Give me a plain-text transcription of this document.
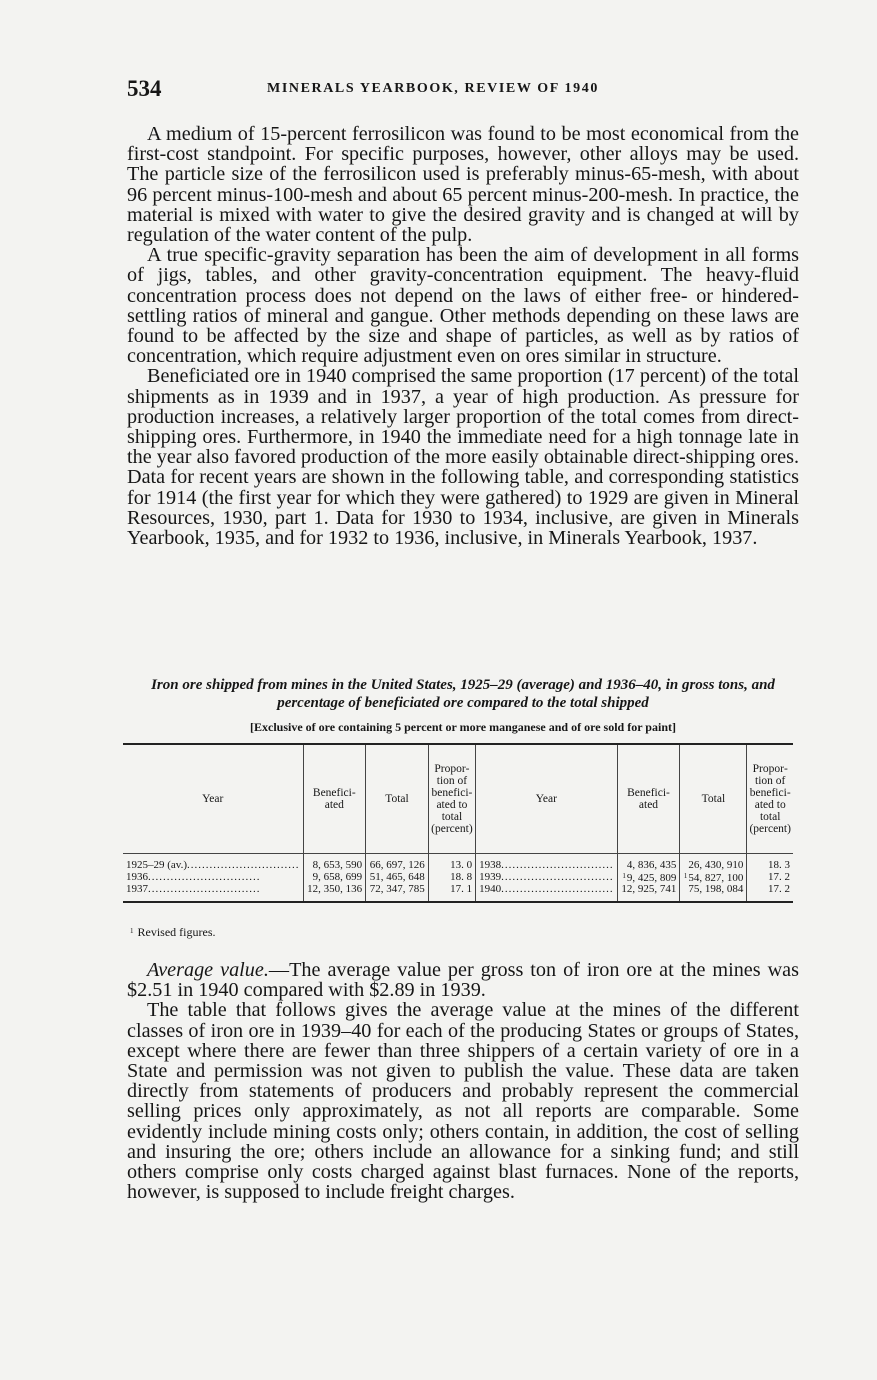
534	MINERALS YEARBOOK, REVIEW OF 1940

A medium of 15-percent ferrosilicon was found to be most economical from the first-cost standpoint. For specific purposes, however, other alloys may be used. The particle size of the ferrosilicon used is preferably minus-65-mesh, with about 96 percent minus-100-mesh and about 65 percent minus-200-mesh. In practice, the material is mixed with water to give the desired gravity and is changed at will by regulation of the water content of the pulp.

A true specific-gravity separation has been the aim of development in all forms of jigs, tables, and other gravity-concentration equipment. The heavy-fluid concentration process does not depend on the laws of either free- or hindered-settling ratios of mineral and gangue. Other methods depending on these laws are found to be affected by the size and shape of particles, as well as by ratios of concentration, which require adjustment even on ores similar in structure.

Beneficiated ore in 1940 comprised the same proportion (17 percent) of the total shipments as in 1939 and in 1937, a year of high production. As pressure for production increases, a relatively larger proportion of the total comes from direct-shipping ores. Furthermore, in 1940 the immediate need for a high tonnage late in the year also favored production of the more easily obtainable direct-shipping ores. Data for recent years are shown in the following table, and corresponding statistics for 1914 (the first year for which they were gathered) to 1929 are given in Mineral Resources, 1930, part 1. Data for 1930 to 1934, inclusive, are given in Minerals Yearbook, 1935, and for 1932 to 1936, inclusive, in Minerals Yearbook, 1937.

Iron ore shipped from mines in the United States, 1925–29 (average) and 1936–40, in gross tons, and percentage of beneficiated ore compared to the total shipped
[Exclusive of ore containing 5 percent or more manganese and of ore sold for paint]
Year	Beneficiated	Total	Proportion of beneficiated to total (percent)	Year	Beneficiated	Total	Proportion of beneficiated to total (percent)
1925–29 (av.)..............................	8, 653, 590	66, 697, 126	13. 0	1938..............................	4, 836, 435	26, 430, 910	18. 3
1936..............................	9, 658, 699	51, 465, 648	18. 8	1939..............................	$^1$9, 425, 809	$^1$54, 827, 100	17. 2
1937..............................	12, 350, 136	72, 347, 785	17. 1	1940..............................	12, 925, 741	75, 198, 084	17. 2
$^1$ Revised figures.

Average value.—The average value per gross ton of iron ore at the mines was $2.51 in 1940 compared with $2.89 in 1939.

The table that follows gives the average value at the mines of the different classes of iron ore in 1939–40 for each of the producing States or groups of States, except where there are fewer than three shippers of a certain variety of ore in a State and permission was not given to publish the value. These data are taken directly from statements of producers and probably represent the commercial selling prices only approximately, as not all reports are comparable. Some evidently include mining costs only; others contain, in addition, the cost of selling and insuring the ore; others include an allowance for a sinking fund; and still others comprise only costs charged against blast furnaces. None of the reports, however, is supposed to include freight charges.
